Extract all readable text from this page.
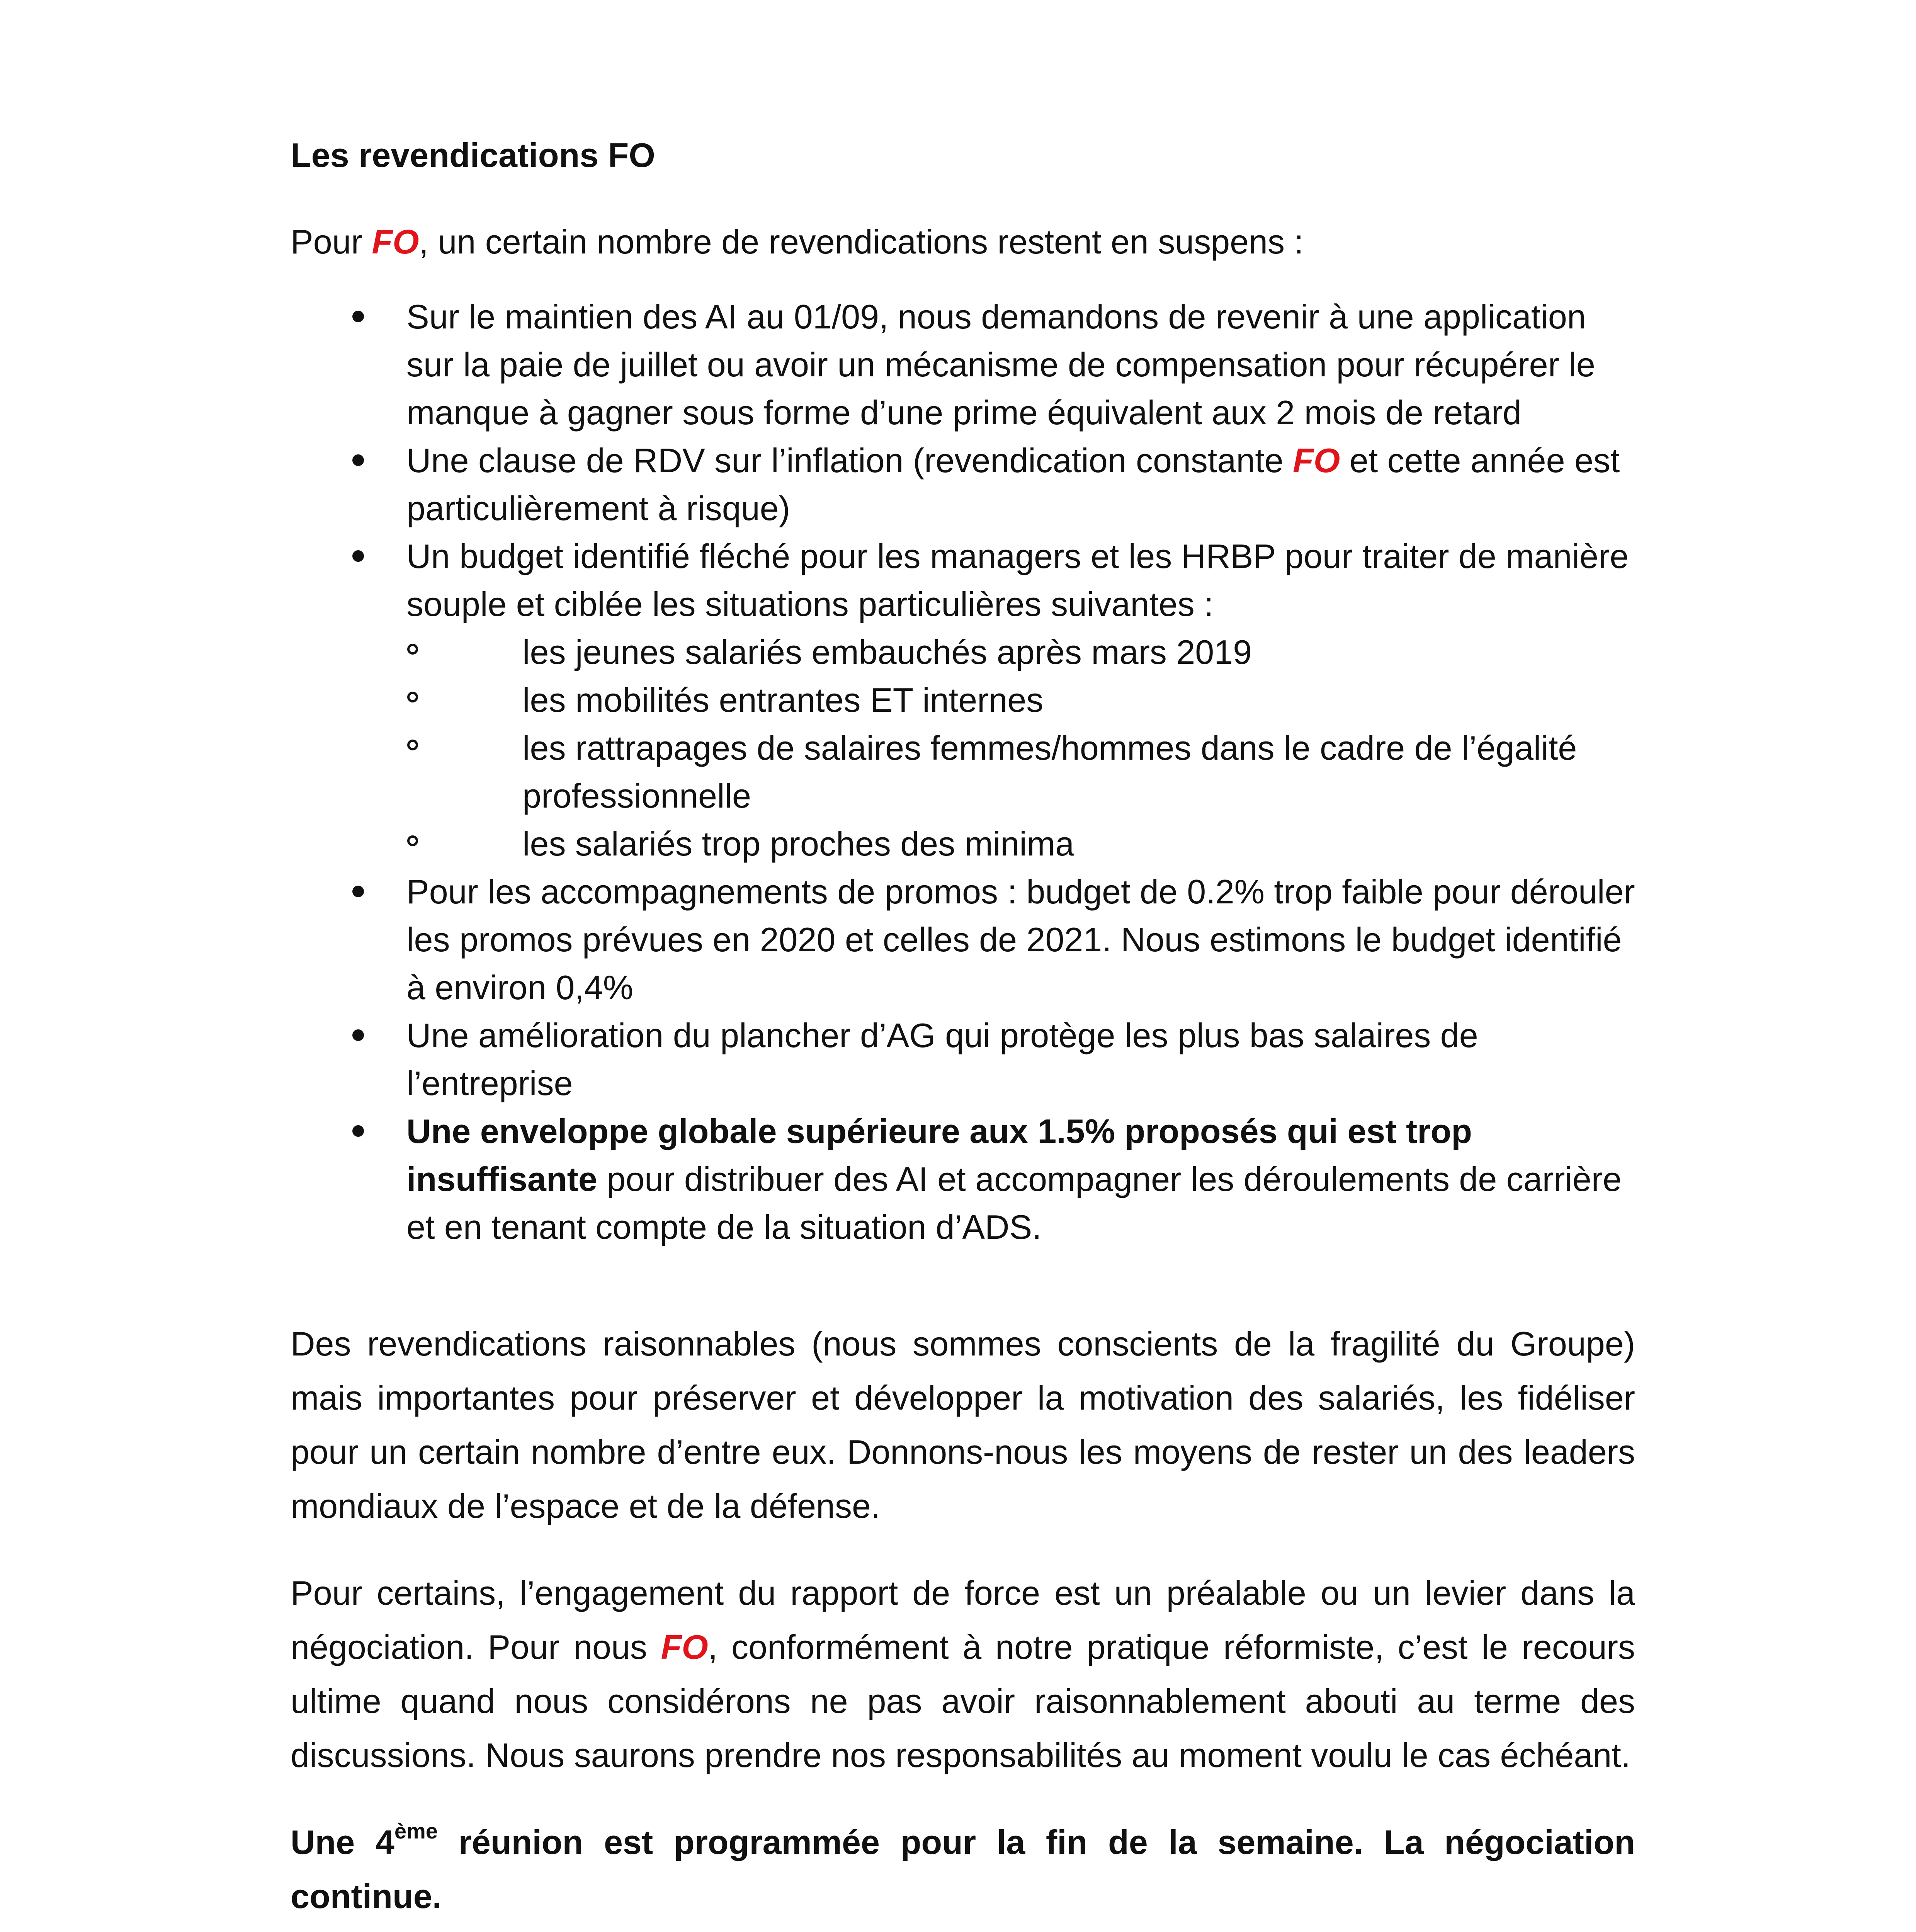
Les revendications FO

Pour FO, un certain nombre de revendications restent en suspens :

Sur le maintien des AI au 01/09, nous demandons de revenir à une application sur la paie de juillet ou avoir un mécanisme de compensation pour récupérer le manque à gagner sous forme d’une prime équivalent aux 2 mois de retard
Une clause de RDV sur l’inflation (revendication constante FO et cette année est particulièrement à risque)
Un budget identifié fléché pour les managers et les HRBP pour traiter de manière souple et ciblée les situations particulières suivantes :
les jeunes salariés embauchés après mars 2019
les mobilités entrantes ET internes
les rattrapages de salaires femmes/hommes dans le cadre de l’égalité professionnelle
les salariés trop proches des minima
Pour les accompagnements de promos : budget de 0.2% trop faible pour dérouler les promos prévues en 2020 et celles de 2021. Nous estimons le budget identifié à environ 0,4%
Une amélioration du plancher d’AG qui protège les plus bas salaires de l’entreprise
Une enveloppe globale supérieure aux 1.5% proposés qui est trop insuffisante pour distribuer des AI et accompagner les déroulements de carrière et en tenant compte de la situation d’ADS.

Des revendications raisonnables (nous sommes conscients de la fragilité du Groupe) mais importantes pour préserver et développer la motivation des salariés, les fidéliser pour un certain nombre d’entre eux. Donnons-nous les moyens de rester un des leaders mondiaux de l’espace et de la défense.

Pour certains, l’engagement du rapport de force est un préalable ou un levier dans la négociation. Pour nous FO, conformément à notre pratique réformiste, c’est le recours ultime quand nous considérons ne pas avoir raisonnablement abouti au terme des discussions. Nous saurons prendre nos responsabilités au moment voulu le cas échéant.

Une 4ème réunion est programmée pour la fin de la semaine. La négociation continue.
